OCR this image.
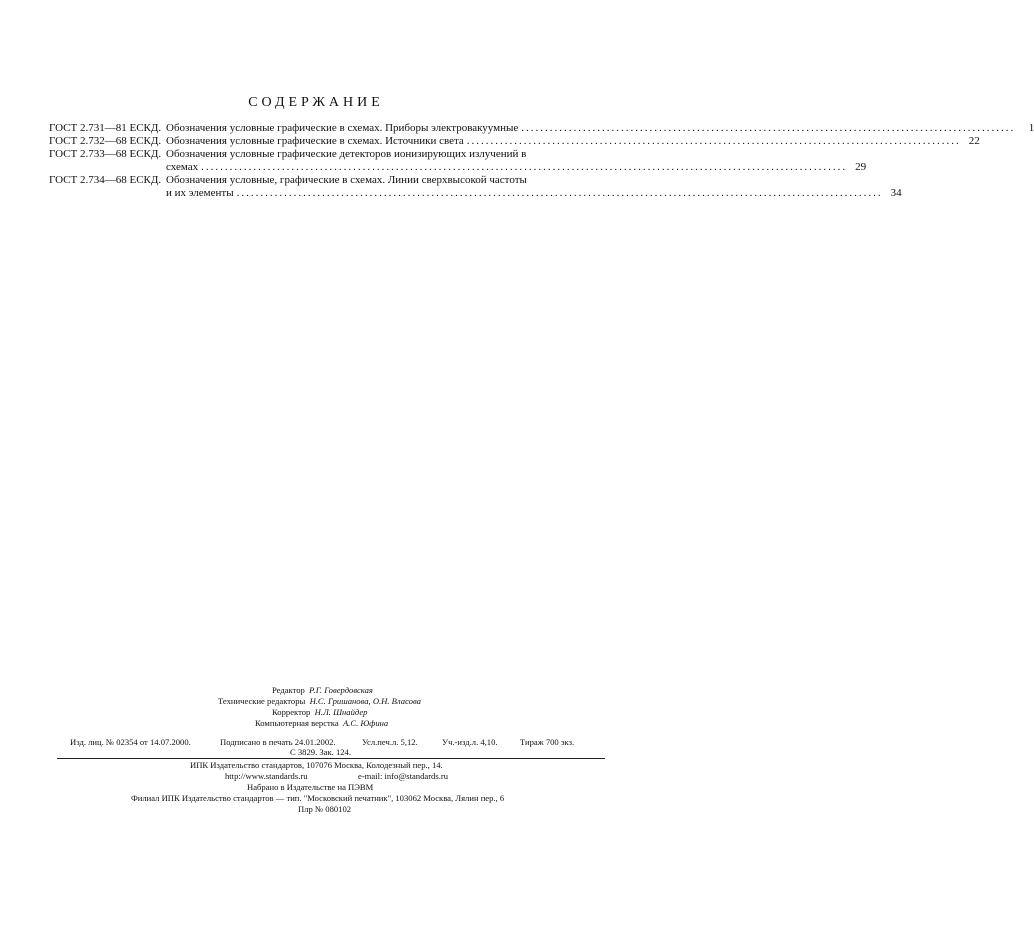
СОДЕРЖАНИЕ
ГОСТ 2.731—81 ЕСКД. Обозначения условные графические в схемах. Приборы электровакуумные ........................................................................................................	1
ГОСТ 2.732—68 ЕСКД. Обозначения условные графические в схемах. Источники света ........................................................................................................ 22
ГОСТ 2.733—68 ЕСКД. Обозначения условные графические детекторов ионизирующих излучений в
схемах ........................................................................................................................................ 29
ГОСТ 2.734—68 ЕСКД. Обозначения условные, графические в схемах. Линии сверхвысокой частоты
и их элементы ........................................................................................................................................ 34
Редактор Р.Г. Говердовская
Технические редакторы Н.С. Гришанова, О.Н. Власова
Корректор Н.Л. Шнайдер
Компьютерная верстка А.С. Юфина
Изд. лиц. № 02354 от 14.07.2000.	Подписано в печать 24.01.2002.	Усл.печ.л. 5,12.	Уч.-изд.л. 4,10.	Тираж 700 экз.
С 3829. Зак. 124.
ИПК Издательство стандартов, 107076 Москва, Колодезный пер., 14.
http://www.standards.ru	e-mail: info@standards.ru
Набрано в Издательстве на ПЭВМ
Филиал ИПК Издательство стандартов — тип. "Московский печатник", 103062 Москва, Лялин пер., 6
Плр № 080102
